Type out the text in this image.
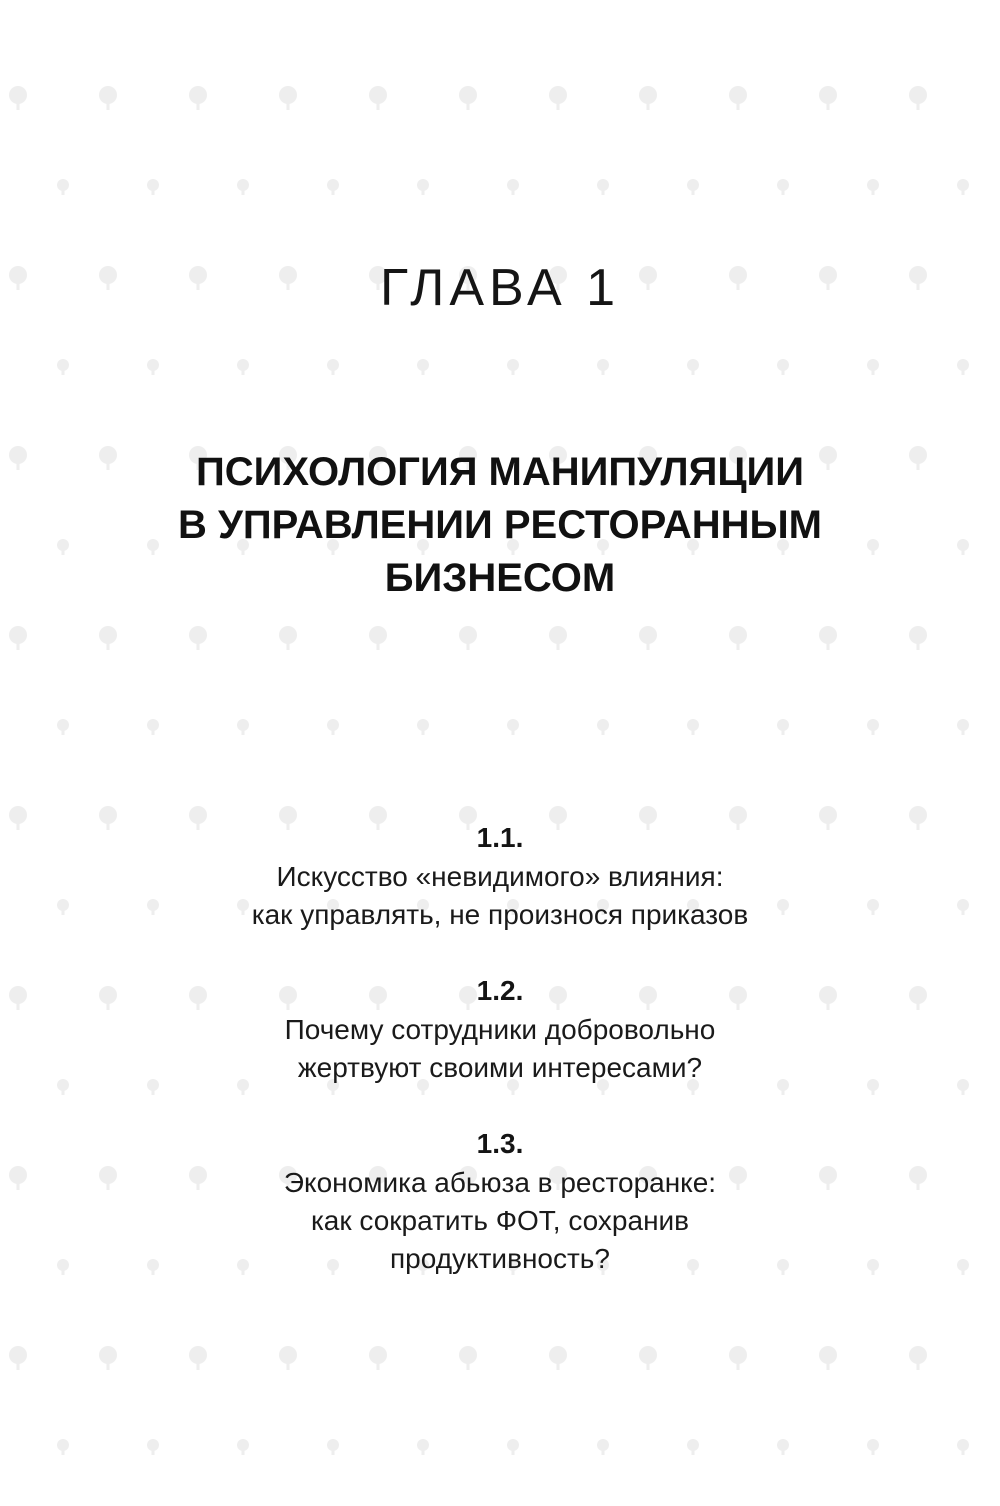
ГЛАВА 1
ПСИХОЛОГИЯ МАНИПУЛЯЦИИ
В УПРАВЛЕНИИ РЕСТОРАННЫМ
БИЗНЕСОМ
1.1.
Искусство «невидимого» влияния:
как управлять, не произнося приказов
1.2.
Почему сотрудники добровольно
жертвуют своими интересами?
1.3.
Экономика абьюза в ресторанке:
как сократить ФОТ, сохранив
продуктивность?
